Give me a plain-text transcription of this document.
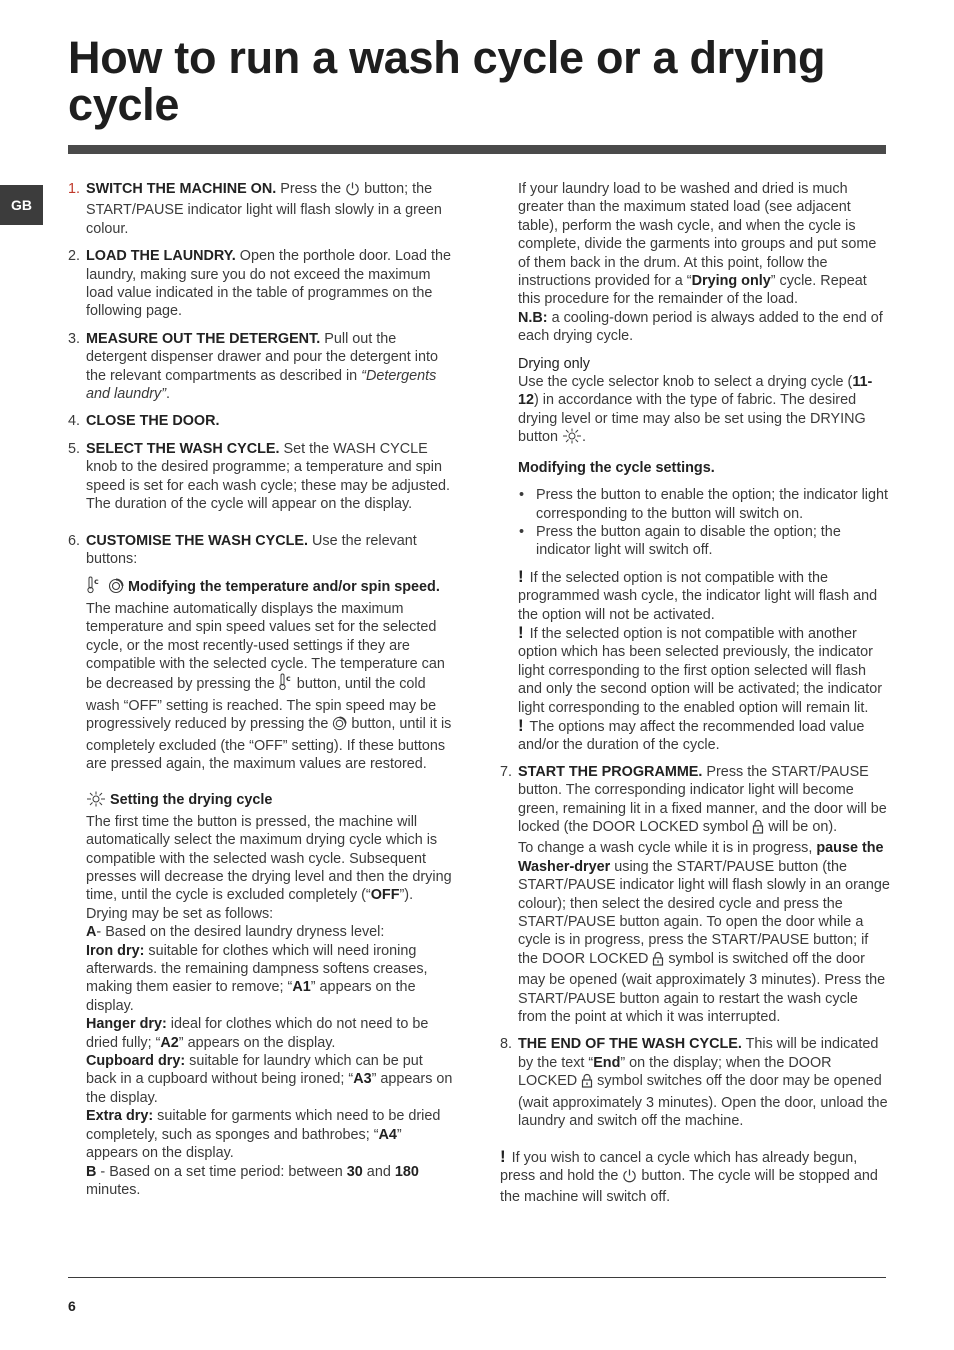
How to run a wash cycle or a drying cycle
GB
1. SWITCH THE MACHINE ON. Press the  button; the START/PAUSE indicator light will flash slowly in a green colour.
2. LOAD THE LAUNDRY. Open the porthole door. Load the laundry, making sure you do not exceed the maximum load value indicated in the table of programmes on the following page.
3. MEASURE OUT THE DETERGENT. Pull out the detergent dispenser drawer and pour the detergent into the relevant compartments as described in “Detergents and laundry”.
4. CLOSE THE DOOR.
5. SELECT THE WASH CYCLE. Set the WASH CYCLE knob to the desired programme; a temperature and spin speed is set for each wash cycle; these may be adjusted. The duration of the cycle will appear on the display.
6. CUSTOMISE THE WASH CYCLE. Use the relevant buttons:
c Modifying the temperature and/or spin speed. The machine automatically displays the maximum temperature and spin speed values set for the selected cycle, or the most recently-used settings if they are compatible with the selected cycle. The temperature can be decreased by pressing the c button, until the cold wash “OFF” setting is reached. The spin speed may be progressively reduced by pressing the  button, until it is completely excluded (the “OFF” setting). If these buttons are pressed again, the maximum values are restored.
Setting the drying cycle
The first time the button is pressed, the machine will automatically select the maximum drying cycle which is compatible with the selected wash cycle. Subsequent presses will decrease the drying level and then the drying time, until the cycle is excluded completely (“OFF”).
Drying may be set as follows:
A- Based on the desired laundry dryness level:
Iron dry: suitable for clothes which will need ironing afterwards. the remaining dampness softens creases, making them easier to remove; “A1” appears on the display.
Hanger dry: ideal for clothes which do not need to be dried fully; “A2” appears on the display.
Cupboard dry: suitable for laundry which can be put back in a cupboard without being ironed; “A3” appears on the display.
Extra dry: suitable for garments which need to be dried completely, such as sponges and bathrobes; “A4” appears on the display.
B - Based on a set time period: between 30 and 180 minutes.
If your laundry load to be washed and dried is much greater than the maximum stated load (see adjacent table), perform the wash cycle, and when the cycle is complete, divide the garments into groups and put some of them back in the drum. At this point, follow the instructions provided for a “Drying only” cycle. Repeat this procedure for the remainder of the load.
N.B: a cooling-down period is always added to the end of each drying cycle.
Drying only
Use the cycle selector knob to select a drying cycle (11-12) in accordance with the type of fabric. The desired drying level or time may also be set using the DRYING button .
Modifying the cycle settings.
• Press the button to enable the option; the indicator light corresponding to the button will switch on.
• Press the button again to disable the option; the indicator light will switch off.
! If the selected option is not compatible with the programmed wash cycle, the indicator light will flash and the option will not be activated.
! If the selected option is not compatible with another option which has been selected previously, the indicator light corresponding to the first option selected will flash and only the second option will be activated; the indicator light corresponding to the enabled option will remain lit.
! The options may affect the recommended load value and/or the duration of the cycle.
7. START THE PROGRAMME. Press the START/PAUSE button. The corresponding indicator light will become green, remaining lit in a fixed manner, and the door will be locked (the DOOR LOCKED symbol  will be on).
To change a wash cycle while it is in progress, pause the Washer-dryer using the START/PAUSE button (the START/PAUSE indicator light will flash slowly in an orange colour); then select the desired cycle and press the START/PAUSE button again. To open the door while a cycle is in progress, press the START/PAUSE button; if the DOOR LOCKED  symbol is switched off the door may be opened (wait approximately 3 minutes). Press the START/PAUSE button again to restart the wash cycle from the point at which it was interrupted.
8. THE END OF THE WASH CYCLE. This will be indicated by the text “End” on the display; when the DOOR LOCKED  symbol switches off the door may be opened (wait approximately 3 minutes). Open the door, unload the laundry and switch off the machine.
! If you wish to cancel a cycle which has already begun, press and hold the  button. The cycle will be stopped and the machine will switch off.
6
